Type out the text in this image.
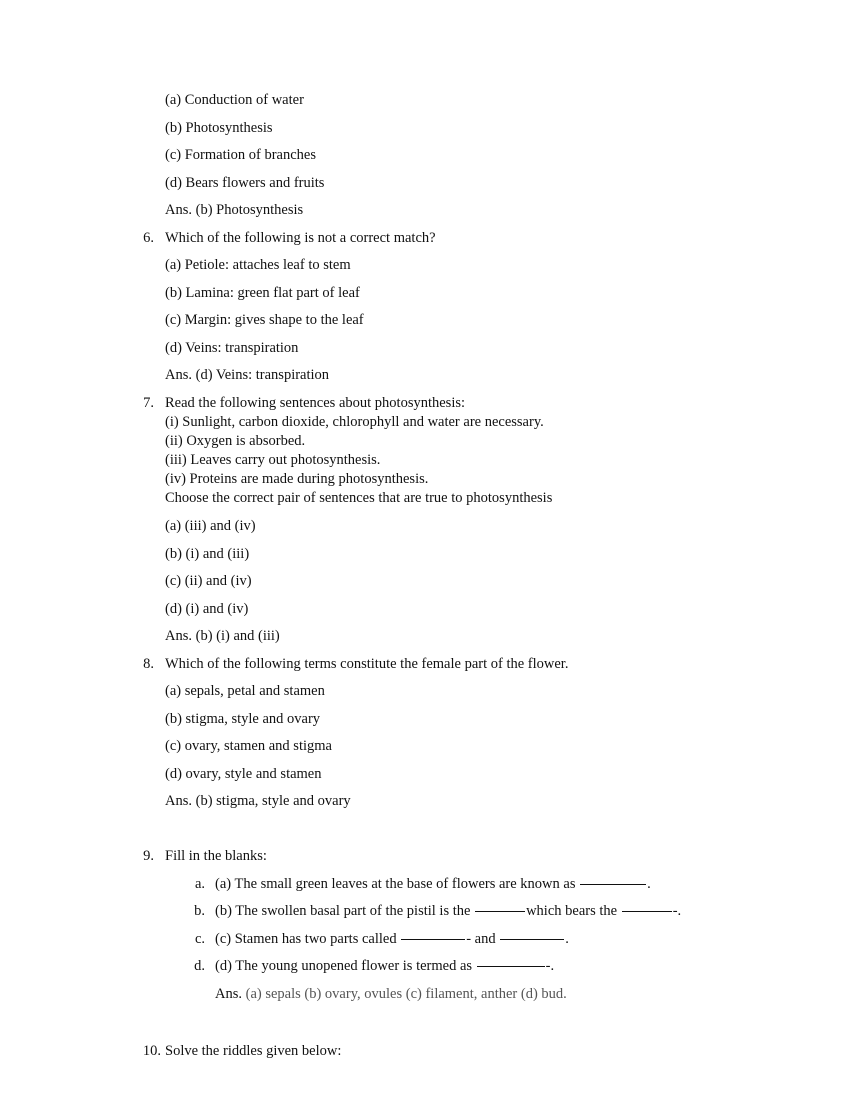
(a) Conduction of water
(b) Photosynthesis
(c) Formation of branches
(d) Bears flowers and fruits
Ans. (b) Photosynthesis
6. Which of the following is not a correct match?
(a) Petiole: attaches leaf to stem
(b) Lamina: green flat part of leaf
(c) Margin: gives shape to the leaf
(d) Veins: transpiration
Ans. (d) Veins: transpiration
7. Read the following sentences about photosynthesis:
(i) Sunlight, carbon dioxide, chlorophyll and water are necessary.
(ii) Oxygen is absorbed.
(iii) Leaves carry out photosynthesis.
(iv) Proteins are made during photosynthesis.
Choose the correct pair of sentences that are true to photosynthesis
(a) (iii) and (iv)
(b) (i) and (iii)
(c) (ii) and (iv)
(d) (i) and (iv)
Ans. (b) (i) and (iii)
8. Which of the following terms constitute the female part of the flower.
(a) sepals, petal and stamen
(b) stigma, style and ovary
(c) ovary, stamen and stigma
(d) ovary, style and stamen
Ans. (b) stigma, style and ovary
9. Fill in the blanks:
a. (a) The small green leaves at the base of flowers are known as	.
b. (b) The swollen basal part of the pistil is the	which bears the	-.
c. (c) Stamen has two parts called	- and	.
d. (d) The young unopened flower is termed as	-.
Ans. (a) sepals (b) ovary, ovules (c) filament, anther (d) bud.
10. Solve the riddles given below:
